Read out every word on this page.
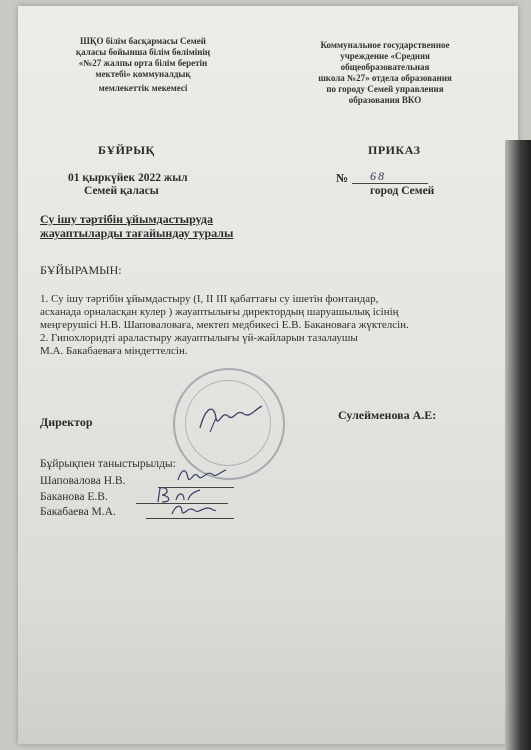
ШҚО білім басқармасы Семей
қаласы бойынша білім бөлімінің
«№27 жалпы орта білім беретін
мектебі» коммуналдық
мемлекеттік мекемесі
Коммунальное государственное
учреждение «Средняя
общеобразовательная
школа №27» отдела образования
по городу Семей управления
образования ВКО
БҰЙРЫҚ	ПРИКАЗ
01 қыркүйек 2022 жыл
Семей қаласы
№ 68
город Семей
Су ішу тәртібін ұйымдастыруда
жауаптыларды тағайындау туралы
БҰЙЫРАМЫН:
1. Су ішу тәртібін ұйымдастыру (І, ІІ ІІІ қабаттағы су ішетін фонтандар,
асханада орналасқан кулер ) жауаптылығы директордың шаруашылық ісінің
меңгерушісі Н.В. Шаповаловаға, мектеп медбикесі Е.В. Бакановаға жүктелсін.
2. Гипохлоридті араластыру жауаптылығы үй-жайларын тазалаушы
М.А. Бакабаеваға міндеттелсін.
Директор	Сулейменова А.Е:
Бұйрықпен таныстырылды:
Шаповалова Н.В.
Баканова Е.В.
Бакабаева М.А.
